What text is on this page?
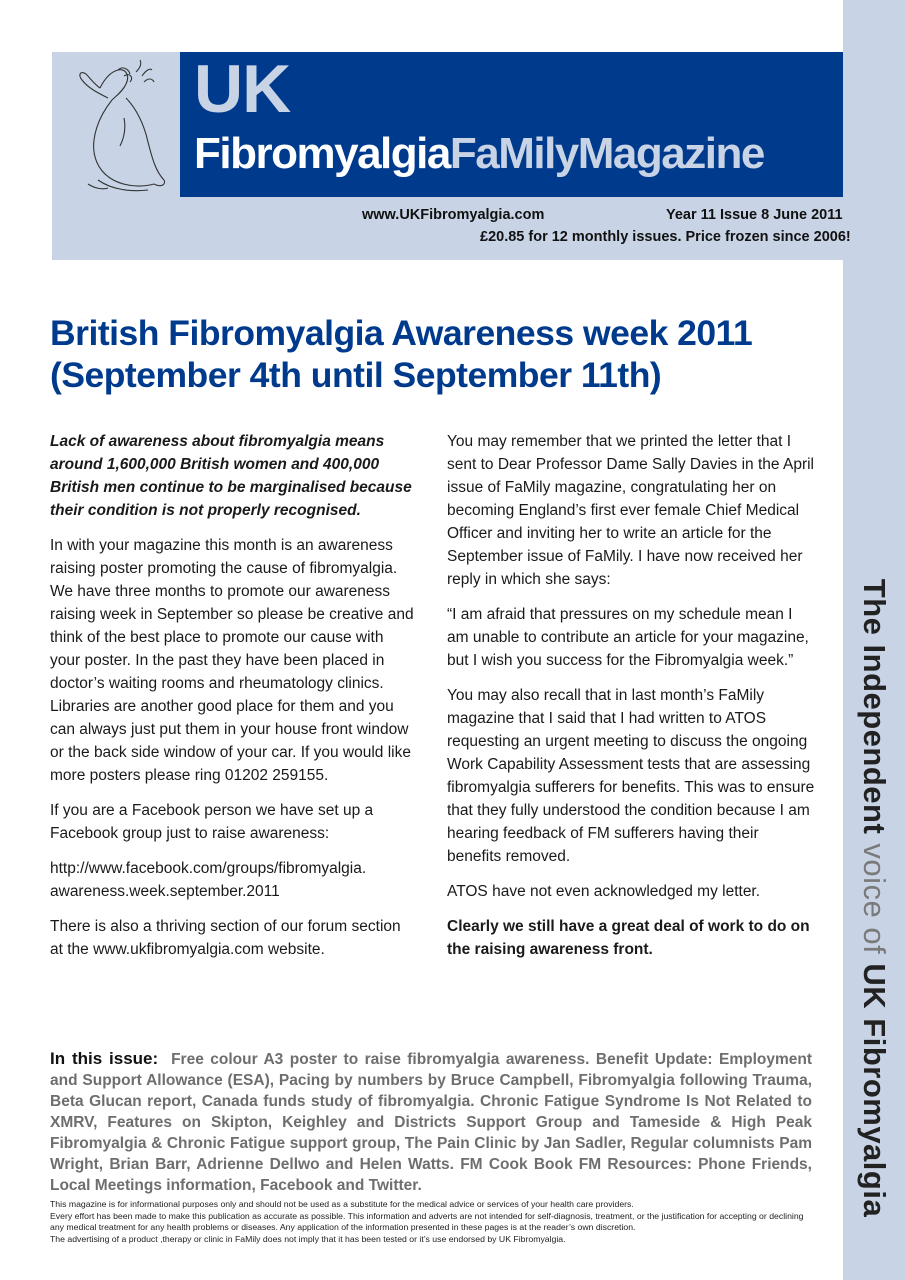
The Independent voice of UK Fibromyalgia
UK
FibromyalgiaFaMilyMagazine
www.UKFibromyalgia.com	Year 11 Issue 8 June 2011
£20.85 for 12 monthly issues. Price frozen since 2006!
British Fibromyalgia Awareness week 2011
(September 4th until September 11th)

Lack of awareness about fibromyalgia means around 1,600,000 British women and 400,000 British men continue to be marginalised because their condition is not properly recognised.

In with your magazine this month is an awareness raising poster promoting the cause of fibromyalgia. We have three months to promote our awareness raising week in September so please be creative and think of the best place to promote our cause with your poster. In the past they have been placed in doctor’s waiting rooms and rheumatology clinics. Libraries are another good place for them and you can always just put them in your house front window or the back side window of your car. If you would like more posters please ring 01202 259155.

If you are a Facebook person we have set up a Facebook group just to raise awareness:

http://www.facebook.com/groups/fibromyalgia. awareness.week.september.2011

There is also a thriving section of our forum section at the www.ukfibromyalgia.com website.

You may remember that we printed the letter that I sent to Dear Professor Dame Sally Davies in the April issue of FaMily magazine, congratulating her on becoming England’s first ever female Chief Medical Officer and inviting her to write an article for the September issue of FaMily. I have now received her reply in which she says:

“I am afraid that pressures on my schedule mean I am unable to contribute an article for your magazine, but I wish you success for the Fibromyalgia week.”

You may also recall that in last month’s FaMily magazine that I said that I had written to ATOS requesting an urgent meeting to discuss the ongoing Work Capability Assessment tests that are assessing fibromyalgia sufferers for benefits. This was to ensure that they fully understood the condition because I am hearing feedback of FM sufferers having their benefits removed.

ATOS have not even acknowledged my letter.

Clearly we still have a great deal of work to do on the raising awareness front.

In this issue: Free colour A3 poster to raise fibromyalgia awareness. Benefit Update: Employment and Support Allowance (ESA), Pacing by numbers by Bruce Campbell, Fibromyalgia following Trauma, Beta Glucan report, Canada funds study of fibromyalgia. Chronic Fatigue Syndrome Is Not Related to XMRV, Features on Skipton, Keighley and Districts Support Group and Tameside & High Peak Fibromyalgia & Chronic Fatigue support group, The Pain Clinic by Jan Sadler, Regular columnists Pam Wright, Brian Barr, Adrienne Dellwo and Helen Watts. FM Cook Book FM Resources: Phone Friends, Local Meetings information, Facebook and Twitter.
This magazine is for informational purposes only and should not be used as a substitute for the medical advice or services of your health care providers.
Every effort has been made to make this publication as accurate as possible. This information and adverts are not intended for self-diagnosis, treatment, or the justification for accepting or declining
any medical treatment for any health problems or diseases. Any application of the information presented in these pages is at the reader’s own discretion.
The advertising of a product ,therapy or clinic in FaMily does not imply that it has been tested or it’s use endorsed by UK Fibromyalgia.
